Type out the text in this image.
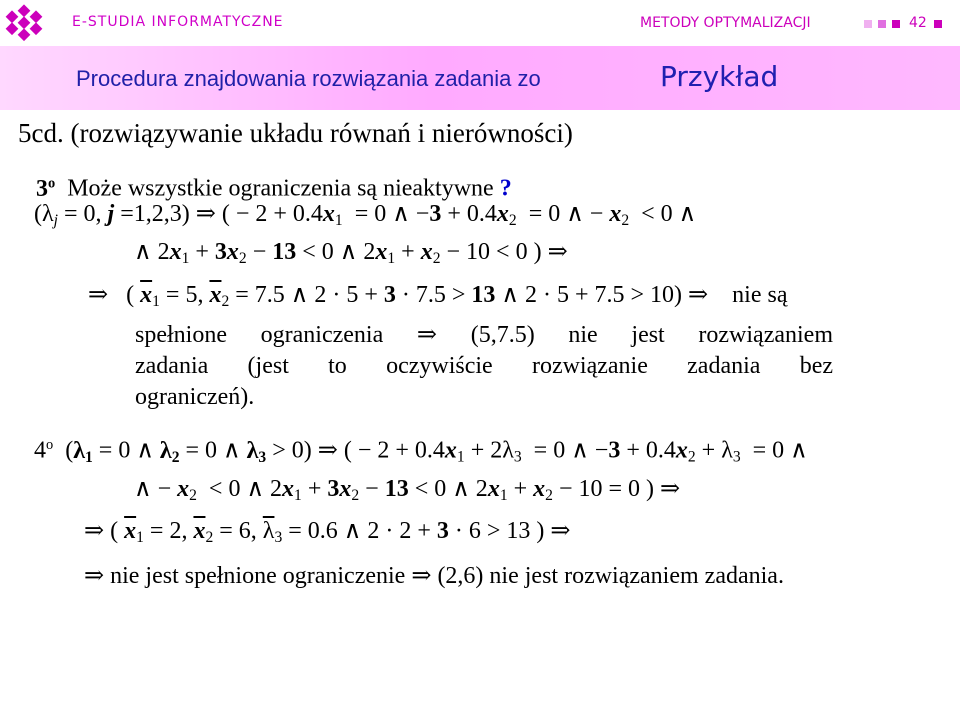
E-STUDIA INFORMATYCZNE	METODY OPTYMALIZACJI	42
Procedura znajdowania rozwiązania zadania zo	Przykład
5cd. (rozwiązywanie układu równań i nierówności)
3$^o$ Może wszystkie ograniczenia są nieaktywne ?
($\lambda_j = 0$, j =1,2,3) ⇒ ( − $2 + 0.4x_1 = 0$ ∧ $-3 + 0.4x_2 = 0$ ∧ − $x_2 < 0$ ∧
∧ $2x_1 + 3x_2 - 13 < 0$ ∧ $2x_1 + x_2 - 10 < 0$ ) ⇒
⇒   ( $\overline{x}_1 = 5$, $\overline{x}_2 = 7.5$ ∧ 2 · 5 + 3 · 7.5 > 13 ∧ 2 · 5 + 7.5 > 10) ⇒    nie są
spełnione ograniczenia ⇒ (5,7.5) nie jest rozwiązaniem
zadania (jest to oczywiście rozwiązanie zadania bez
ograniczeń).
4$^o$  ($\lambda_1 = 0$ ∧ $\lambda_2 = 0$ ∧ $\lambda_3 > 0$) ⇒ ( − $2 + 0.4x_1 + 2\lambda_3 = 0$ ∧ $-3 + 0.4x_2 + \lambda_3 = 0$ ∧
∧ − $x_2 < 0$ ∧ $2x_1 + 3x_2 - 13 < 0$ ∧ $2x_1 + x_2 - 10 = 0$ ) ⇒
⇒ ( $\overline{x}_1 = 2$, $\overline{x}_2 = 6$, $\overline{\lambda}_3 = 0.6$ ∧ 2 · 2 + 3 · 6 > 13 ) ⇒
⇒ nie jest spełnione ograniczenie ⇒ (2,6) nie jest rozwiązaniem zadania.
